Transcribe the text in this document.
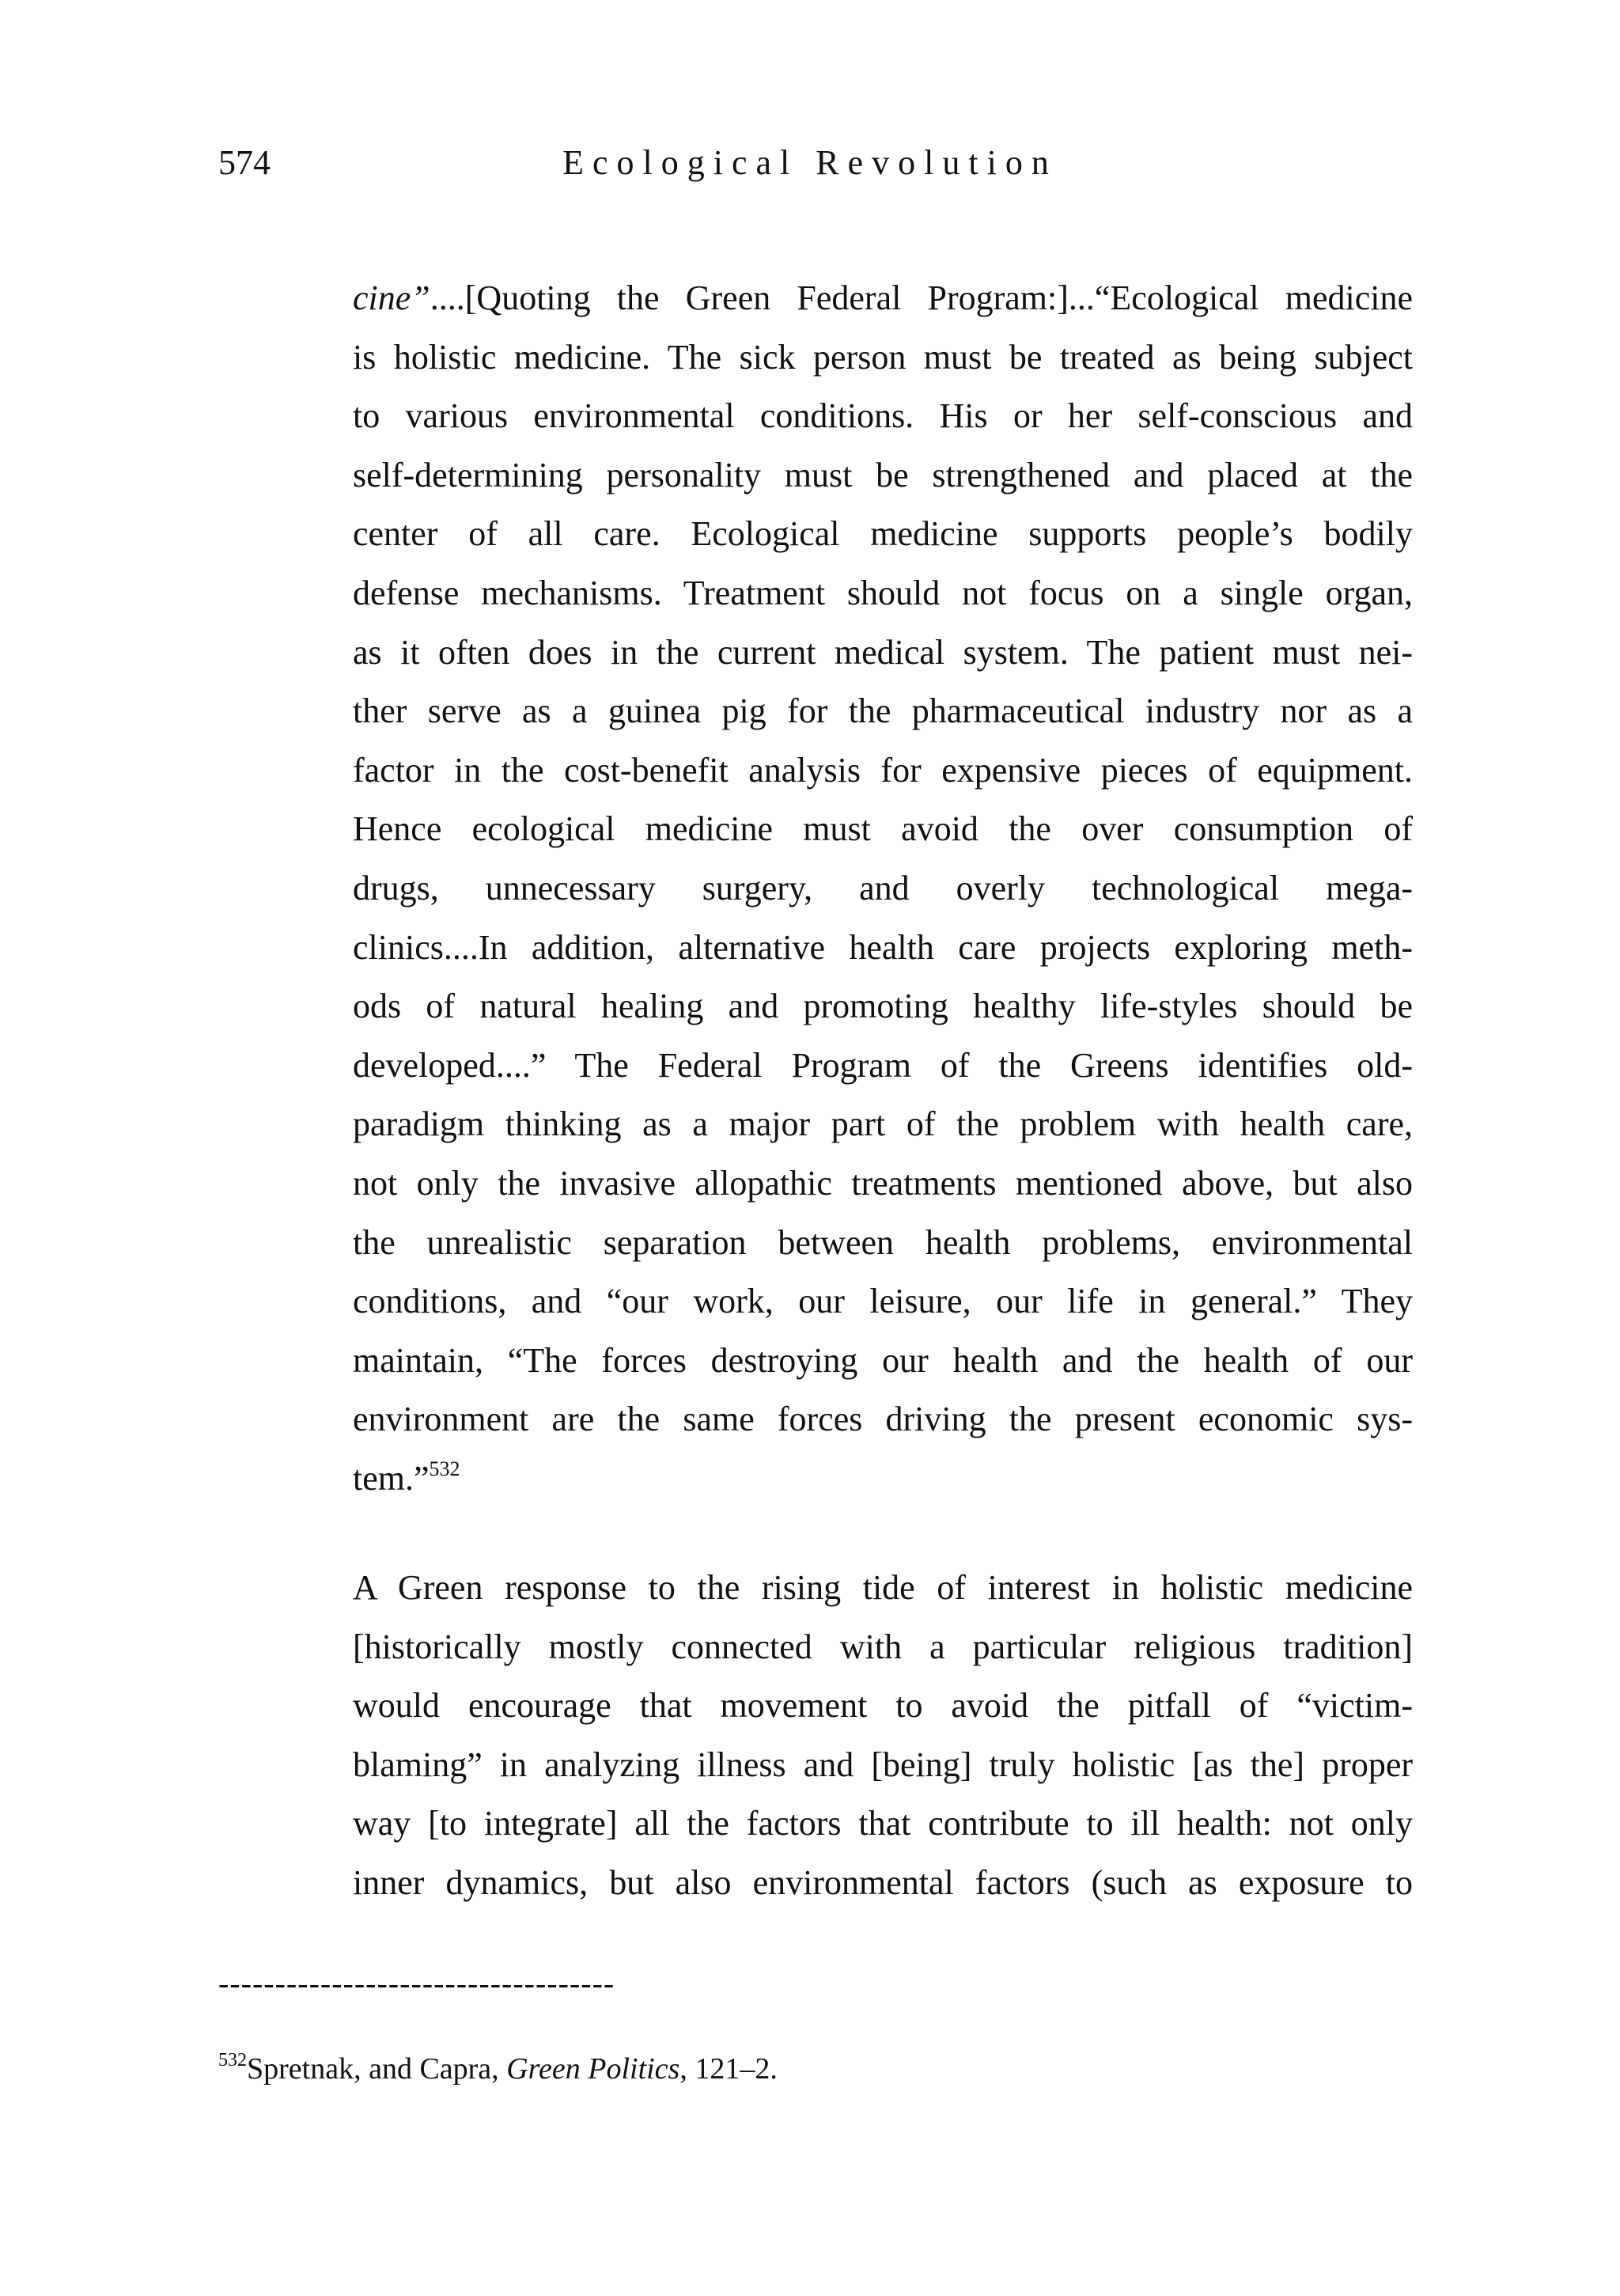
574	Ecological Revolution
cine”....[Quoting the Green Federal Program:]...“Ecological medicine
is holistic medicine. The sick person must be treated as being subject
to various environmental conditions. His or her self-conscious and
self-determining personality must be strengthened and placed at the
center of all care. Ecological medicine supports people’s bodily
defense mechanisms. Treatment should not focus on a single organ,
as it often does in the current medical system. The patient must nei-
ther serve as a guinea pig for the pharmaceutical industry nor as a
factor in the cost-benefit analysis for expensive pieces of equipment.
Hence ecological medicine must avoid the over consumption of
drugs, unnecessary surgery, and overly technological mega-
clinics....In addition, alternative health care projects exploring meth-
ods of natural healing and promoting healthy life-styles should be
developed....” The Federal Program of the Greens identifies old-
paradigm thinking as a major part of the problem with health care,
not only the invasive allopathic treatments mentioned above, but also
the unrealistic separation between health problems, environmental
conditions, and “our work, our leisure, our life in general.” They
maintain, “The forces destroying our health and the health of our
environment are the same forces driving the present economic sys-
tem.”$^{532}$
A Green response to the rising tide of interest in holistic medicine
[historically mostly connected with a particular religious tradition]
would encourage that movement to avoid the pitfall of “victim-
blaming” in analyzing illness and [being] truly holistic [as the] proper
way [to integrate] all the factors that contribute to ill health: not only
inner dynamics, but also environmental factors (such as exposure to
-----------------------------------
$^{532}$Spretnak, and Capra, Green Politics, 121–2.
